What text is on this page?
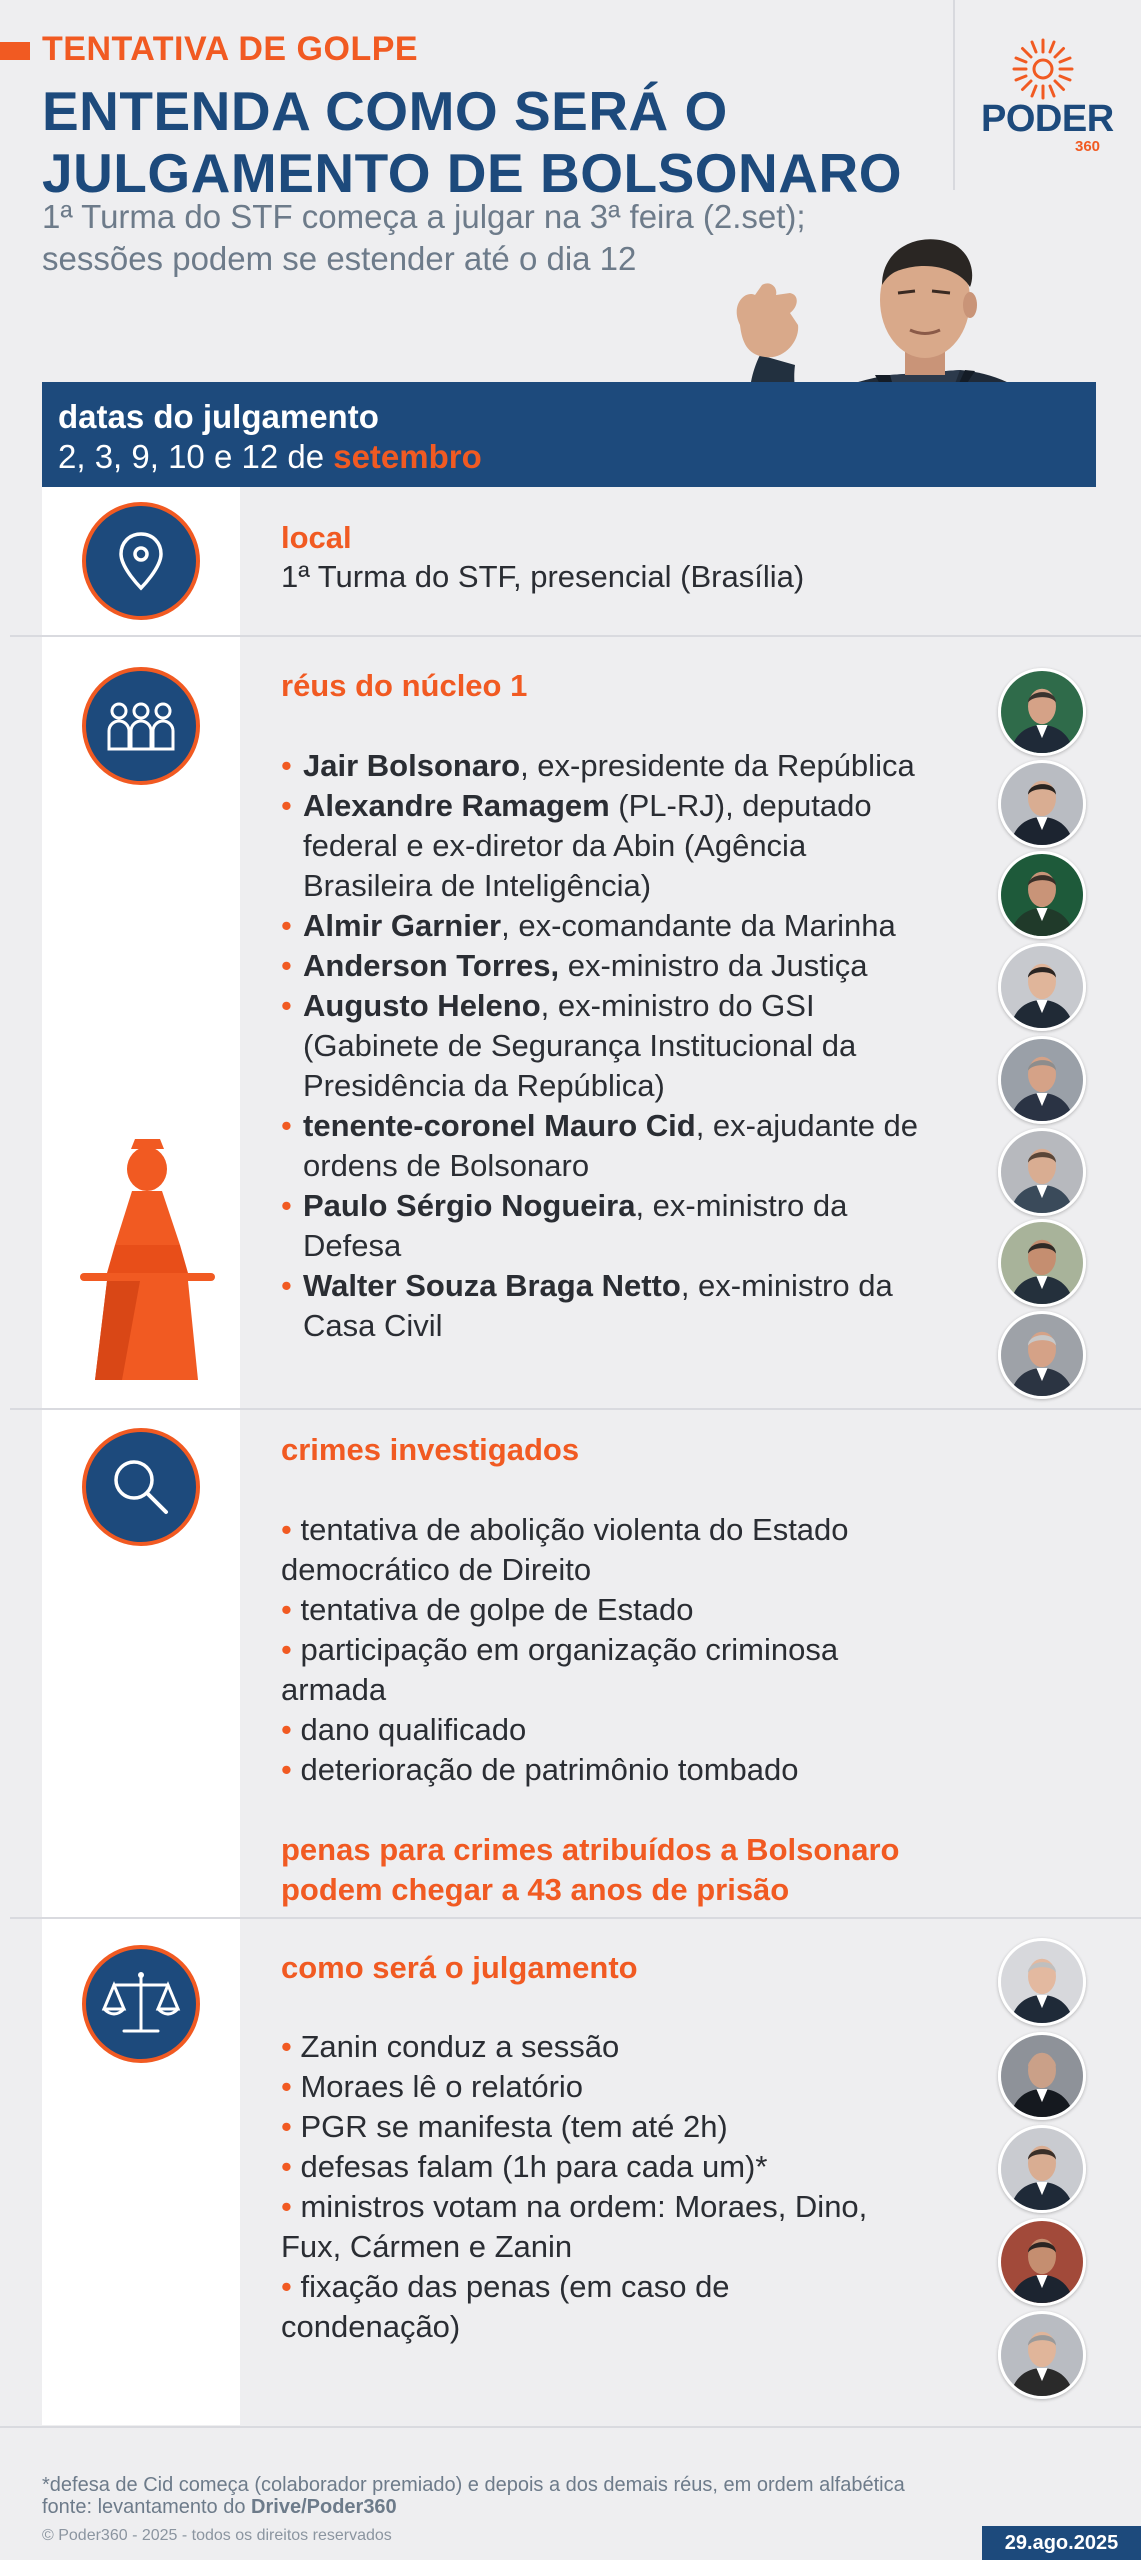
TENTATIVA DE GOLPE
ENTENDA COMO SERÁ O
JULGAMENTO DE BOLSONARO
1ª Turma do STF começa a julgar na 3ª feira (2.set);
sessões podem se estender até o dia 12
PODER
360
datas do julgamento
2, 3, 9, 10 e 12 de setembro
local
1ª Turma do STF, presencial (Brasília)
réus do núcleo 1
• Jair Bolsonaro, ex-presidente da República
• Alexandre Ramagem (PL-RJ), deputado
federal e ex-diretor da Abin (Agência
Brasileira de Inteligência)
• Almir Garnier, ex-comandante da Marinha
• Anderson Torres, ex-ministro da Justiça
• Augusto Heleno, ex-ministro do GSI
(Gabinete de Segurança Institucional da
Presidência da República)
• tenente-coronel Mauro Cid, ex-ajudante de
ordens de Bolsonaro
• Paulo Sérgio Nogueira, ex-ministro da
Defesa
• Walter Souza Braga Netto, ex-ministro da
Casa Civil
crimes investigados
• tentativa de abolição violenta do Estado
democrático de Direito
• tentativa de golpe de Estado
• participação em organização criminosa
armada
• dano qualificado
• deterioração de patrimônio tombado
penas para crimes atribuídos a Bolsonaro
podem chegar a 43 anos de prisão
como será o julgamento
• Zanin conduz a sessão
• Moraes lê o relatório
• PGR se manifesta (tem até 2h)
• defesas falam (1h para cada um)*
• ministros votam na ordem: Moraes, Dino,
Fux, Cármen e Zanin
• fixação das penas (em caso de
condenação)
*defesa de Cid começa (colaborador premiado) e depois a dos demais réus, em ordem alfabética
fonte: levantamento do Drive/Poder360
© Poder360 - 2025 - todos os direitos reservados	29.ago.2025
